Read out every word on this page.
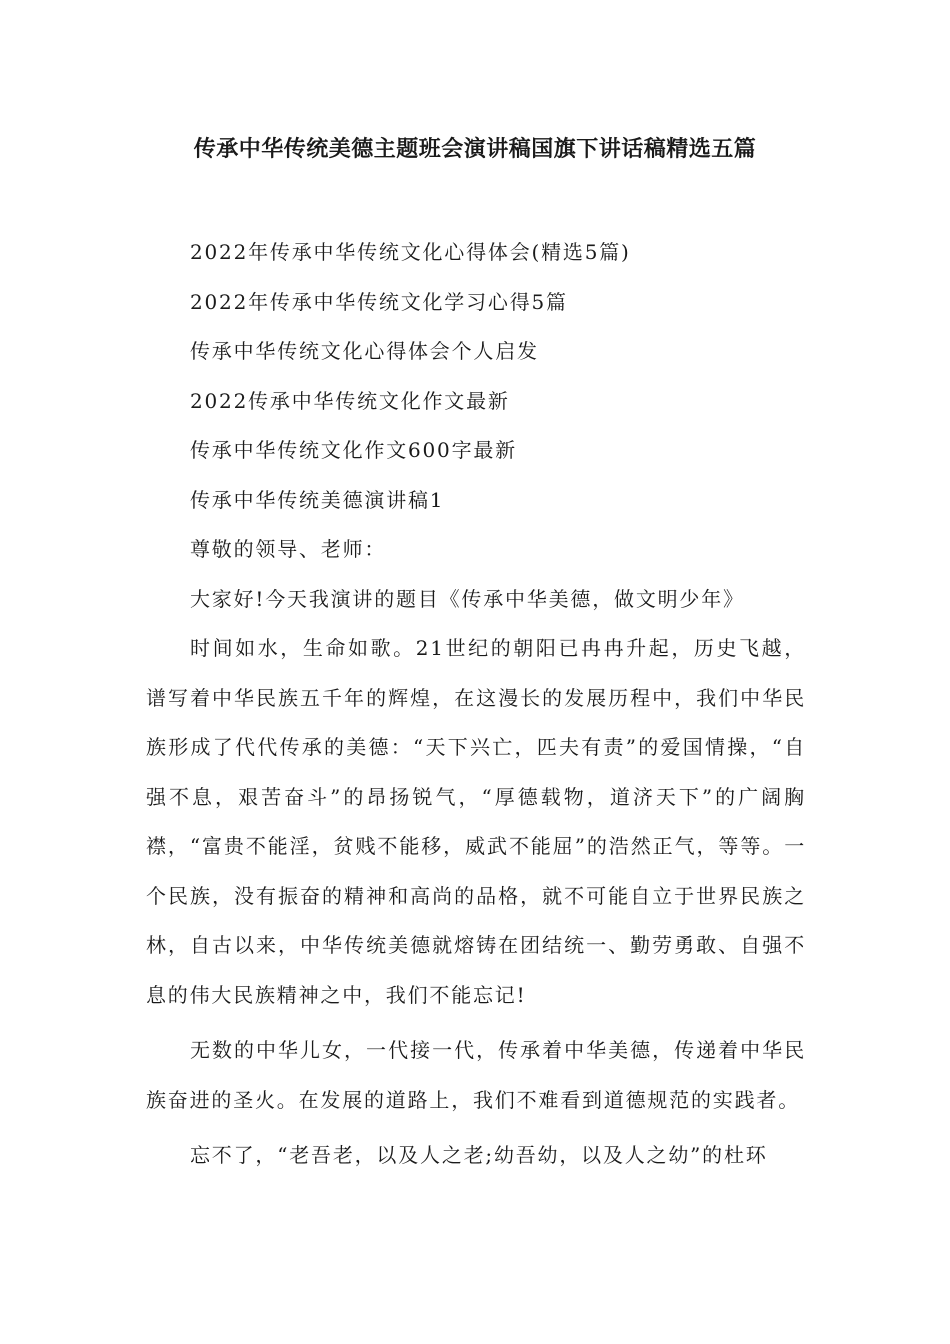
传承中华传统美德主题班会演讲稿国旗下讲话稿精选五篇

2022年传承中华传统文化心得体会(精选5篇)

2022年传承中华传统文化学习心得5篇

传承中华传统文化心得体会个人启发

2022传承中华传统文化作文最新

传承中华传统文化作文600字最新

传承中华传统美德演讲稿1

尊敬的领导、老师：

大家好!今天我演讲的题目《传承中华美德，做文明少年》

时间如水，生命如歌。21世纪的朝阳已冉冉升起，历史飞越，谱写着中华民族五千年的辉煌，在这漫长的发展历程中，我们中华民族形成了代代传承的美德：“天下兴亡，匹夫有责”的爱国情操，“自强不息，艰苦奋斗”的昂扬锐气，“厚德载物，道济天下”的广阔胸襟，“富贵不能淫，贫贱不能移，威武不能屈”的浩然正气，等等。一个民族，没有振奋的精神和高尚的品格，就不可能自立于世界民族之林，自古以来，中华传统美德就熔铸在团结统一、勤劳勇敢、自强不息的伟大民族精神之中，我们不能忘记!

无数的中华儿女，一代接一代，传承着中华美德，传递着中华民族奋进的圣火。在发展的道路上，我们不难看到道德规范的实践者。

忘不了，“老吾老，以及人之老;幼吾幼，以及人之幼”的杜环
